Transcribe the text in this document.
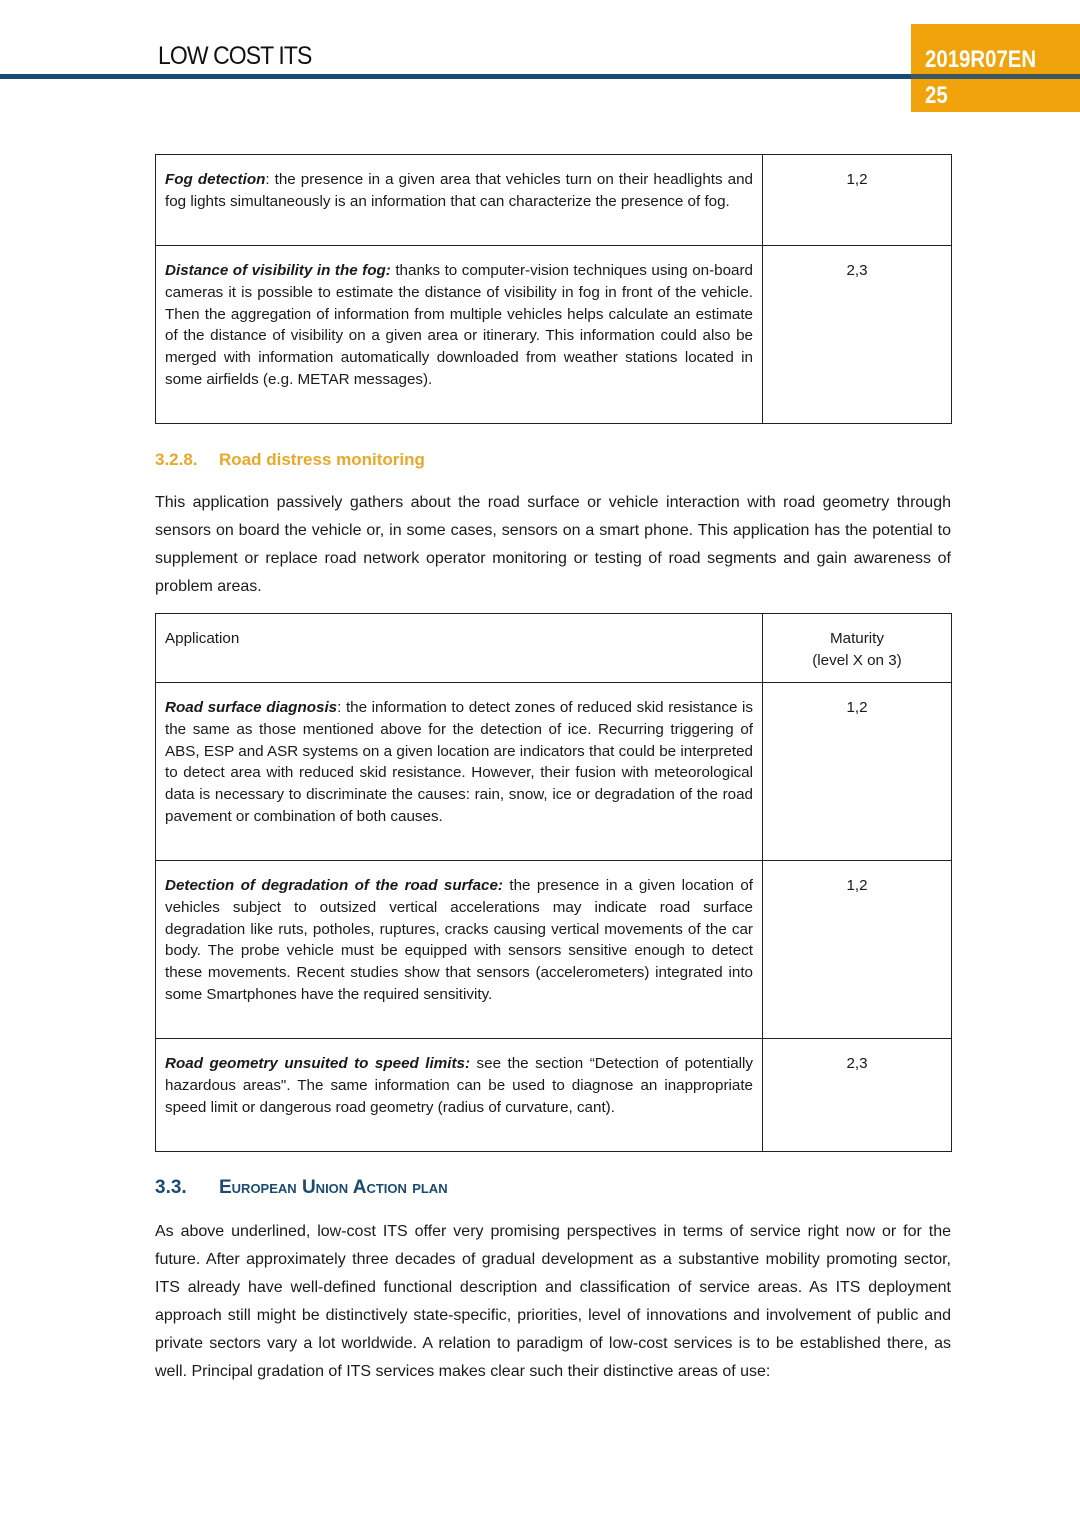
LOW COST ITS	2019R07EN
25
Fog detection: the presence in a given area that vehicles turn on their headlights and fog lights simultaneously is an information that can characterize the presence of fog.	1,2
Distance of visibility in the fog: thanks to computer-vision techniques using on-board cameras it is possible to estimate the distance of visibility in fog in front of the vehicle. Then the aggregation of information from multiple vehicles helps calculate an estimate of the distance of visibility on a given area or itinerary. This information could also be merged with information automatically downloaded from weather stations located in some airfields (e.g. METAR messages).	2,3
3.2.8. Road distress monitoring
This application passively gathers about the road surface or vehicle interaction with road geometry through sensors on board the vehicle or, in some cases, sensors on a smart phone. This application has the potential to supplement or replace road network operator monitoring or testing of road segments and gain awareness of problem areas.
Application	Maturity
(level X on 3)

Road surface diagnosis: the information to detect zones of reduced skid resistance is the same as those mentioned above for the detection of ice. Recurring triggering of ABS, ESP and ASR systems on a given location are indicators that could be interpreted to detect area with reduced skid resistance. However, their fusion with meteorological data is necessary to discriminate the causes: rain, snow, ice or degradation of the road pavement or combination of both causes.	1,2
Detection of degradation of the road surface: the presence in a given location of vehicles subject to outsized vertical accelerations may indicate road surface degradation like ruts, potholes, ruptures, cracks causing vertical movements of the car body. The probe vehicle must be equipped with sensors sensitive enough to detect these movements. Recent studies show that sensors (accelerometers) integrated into some Smartphones have the required sensitivity.	1,2
Road geometry unsuited to speed limits: see the section “Detection of potentially hazardous areas". The same information can be used to diagnose an inappropriate speed limit or dangerous road geometry (radius of curvature, cant).	2,3
3.3. European Union Action plan
As above underlined, low-cost ITS offer very promising perspectives in terms of service right now or for the future. After approximately three decades of gradual development as a substantive mobility promoting sector, ITS already have well-defined functional description and classification of service areas. As ITS deployment approach still might be distinctively state-specific, priorities, level of innovations and involvement of public and private sectors vary a lot worldwide. A relation to paradigm of low-cost services is to be established there, as well. Principal gradation of ITS services makes clear such their distinctive areas of use:
